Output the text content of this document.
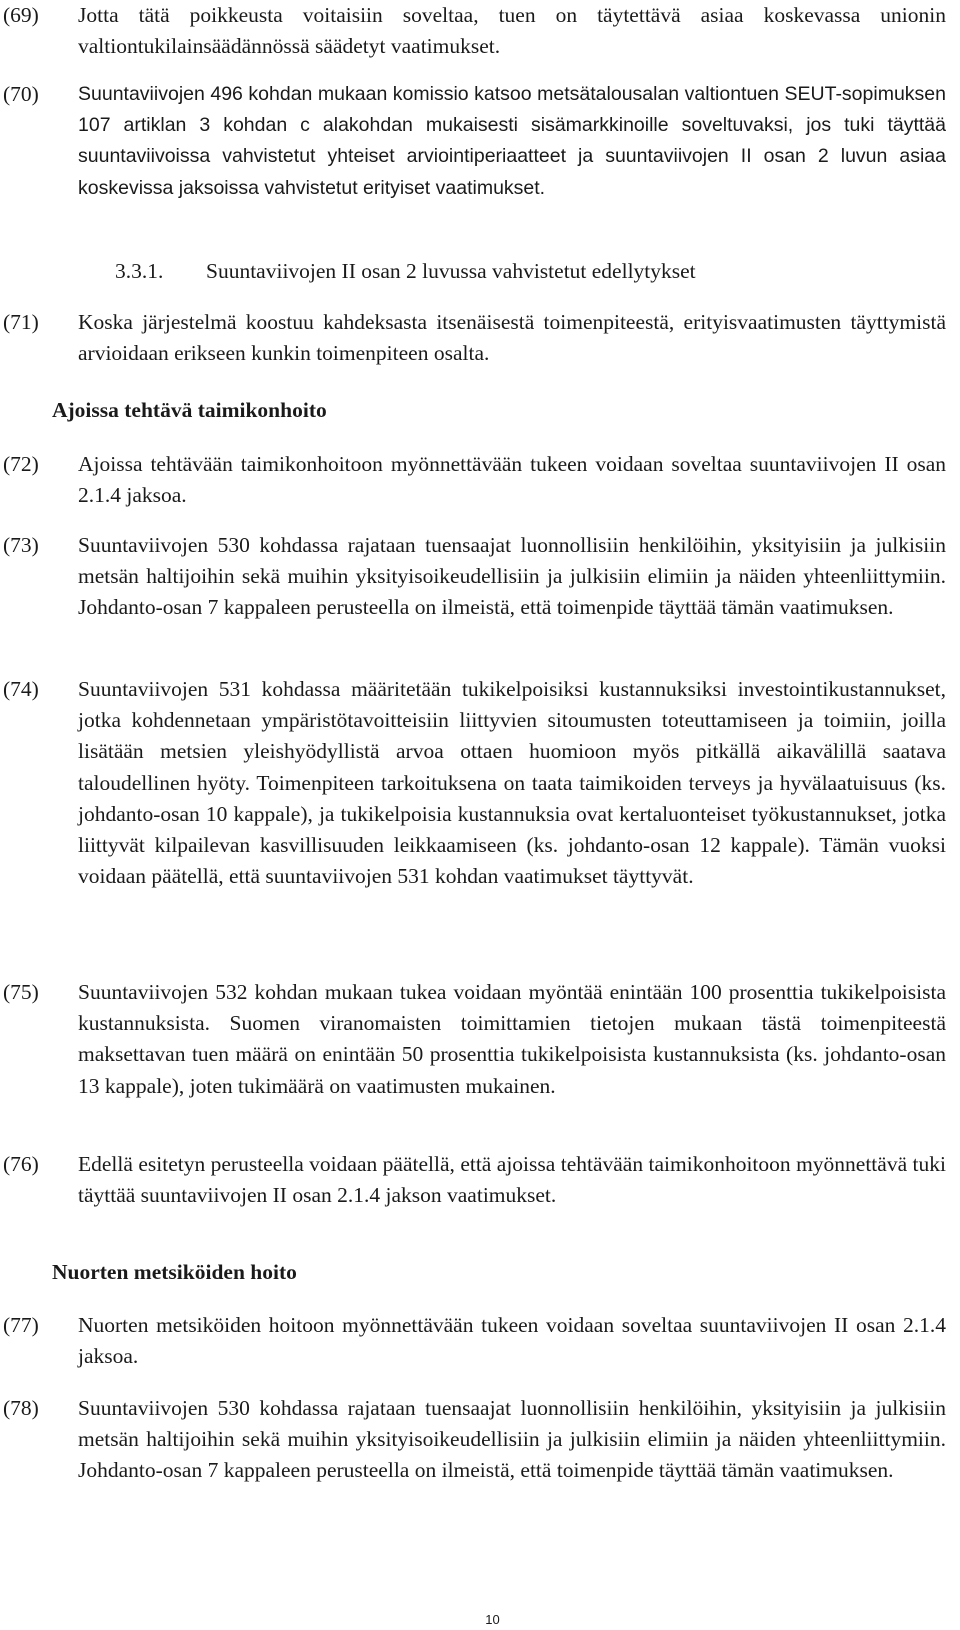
(69)	Jotta tätä poikkeusta voitaisiin soveltaa, tuen on täytettävä asiaa koskevassa unionin valtiontukilainsäädännössä säädetyt vaatimukset.

(70)	Suuntaviivojen 496 kohdan mukaan komissio katsoo metsätalousalan valtiontuen SEUT-sopimuksen 107 artiklan 3 kohdan c alakohdan mukaisesti sisämarkkinoille soveltuvaksi, jos tuki täyttää suuntaviivoissa vahvistetut yhteiset arviointiperiaatteet ja suuntaviivojen II osan 2 luvun asiaa koskevissa jaksoissa vahvistetut erityiset vaatimukset.

3.3.1. Suuntaviivojen II osan 2 luvussa vahvistetut edellytykset
(71)	Koska järjestelmä koostuu kahdeksasta itsenäisestä toimenpiteestä, erityisvaatimusten täyttymistä arvioidaan erikseen kunkin toimenpiteen osalta.

Ajoissa tehtävä taimikonhoito
(72)	Ajoissa tehtävään taimikonhoitoon myönnettävään tukeen voidaan soveltaa suuntaviivojen II osan 2.1.4 jaksoa.

(73)	Suuntaviivojen 530 kohdassa rajataan tuensaajat luonnollisiin henkilöihin, yksityisiin ja julkisiin metsän haltijoihin sekä muihin yksityisoikeudellisiin ja julkisiin elimiin ja näiden yhteenliittymiin. Johdanto-osan 7 kappaleen perusteella on ilmeistä, että toimenpide täyttää tämän vaatimuksen.

(74)	Suuntaviivojen 531 kohdassa määritetään tukikelpoisiksi kustannuksiksi investointikustannukset, jotka kohdennetaan ympäristötavoitteisiin liittyvien sitoumusten toteuttamiseen ja toimiin, joilla lisätään metsien yleishyödyllistä arvoa ottaen huomioon myös pitkällä aikavälillä saatava taloudellinen hyöty. Toimenpiteen tarkoituksena on taata taimikoiden terveys ja hyvälaatuisuus (ks. johdanto-osan 10 kappale), ja tukikelpoisia kustannuksia ovat kertaluonteiset työkustannukset, jotka liittyvät kilpailevan kasvillisuuden leikkaamiseen (ks. johdanto-osan 12 kappale). Tämän vuoksi voidaan päätellä, että suuntaviivojen 531 kohdan vaatimukset täyttyvät.

(75)	Suuntaviivojen 532 kohdan mukaan tukea voidaan myöntää enintään 100 prosenttia tukikelpoisista kustannuksista. Suomen viranomaisten toimittamien tietojen mukaan tästä toimenpiteestä maksettavan tuen määrä on enintään 50 prosenttia tukikelpoisista kustannuksista (ks. johdanto-osan 13 kappale), joten tukimäärä on vaatimusten mukainen.

(76)	Edellä esitetyn perusteella voidaan päätellä, että ajoissa tehtävään taimikonhoitoon myönnettävä tuki täyttää suuntaviivojen II osan 2.1.4 jakson vaatimukset.

Nuorten metsiköiden hoito
(77)	Nuorten metsiköiden hoitoon myönnettävään tukeen voidaan soveltaa suuntaviivojen II osan 2.1.4 jaksoa.

(78)	Suuntaviivojen 530 kohdassa rajataan tuensaajat luonnollisiin henkilöihin, yksityisiin ja julkisiin metsän haltijoihin sekä muihin yksityisoikeudellisiin ja julkisiin elimiin ja näiden yhteenliittymiin. Johdanto-osan 7 kappaleen perusteella on ilmeistä, että toimenpide täyttää tämän vaatimuksen.

10
